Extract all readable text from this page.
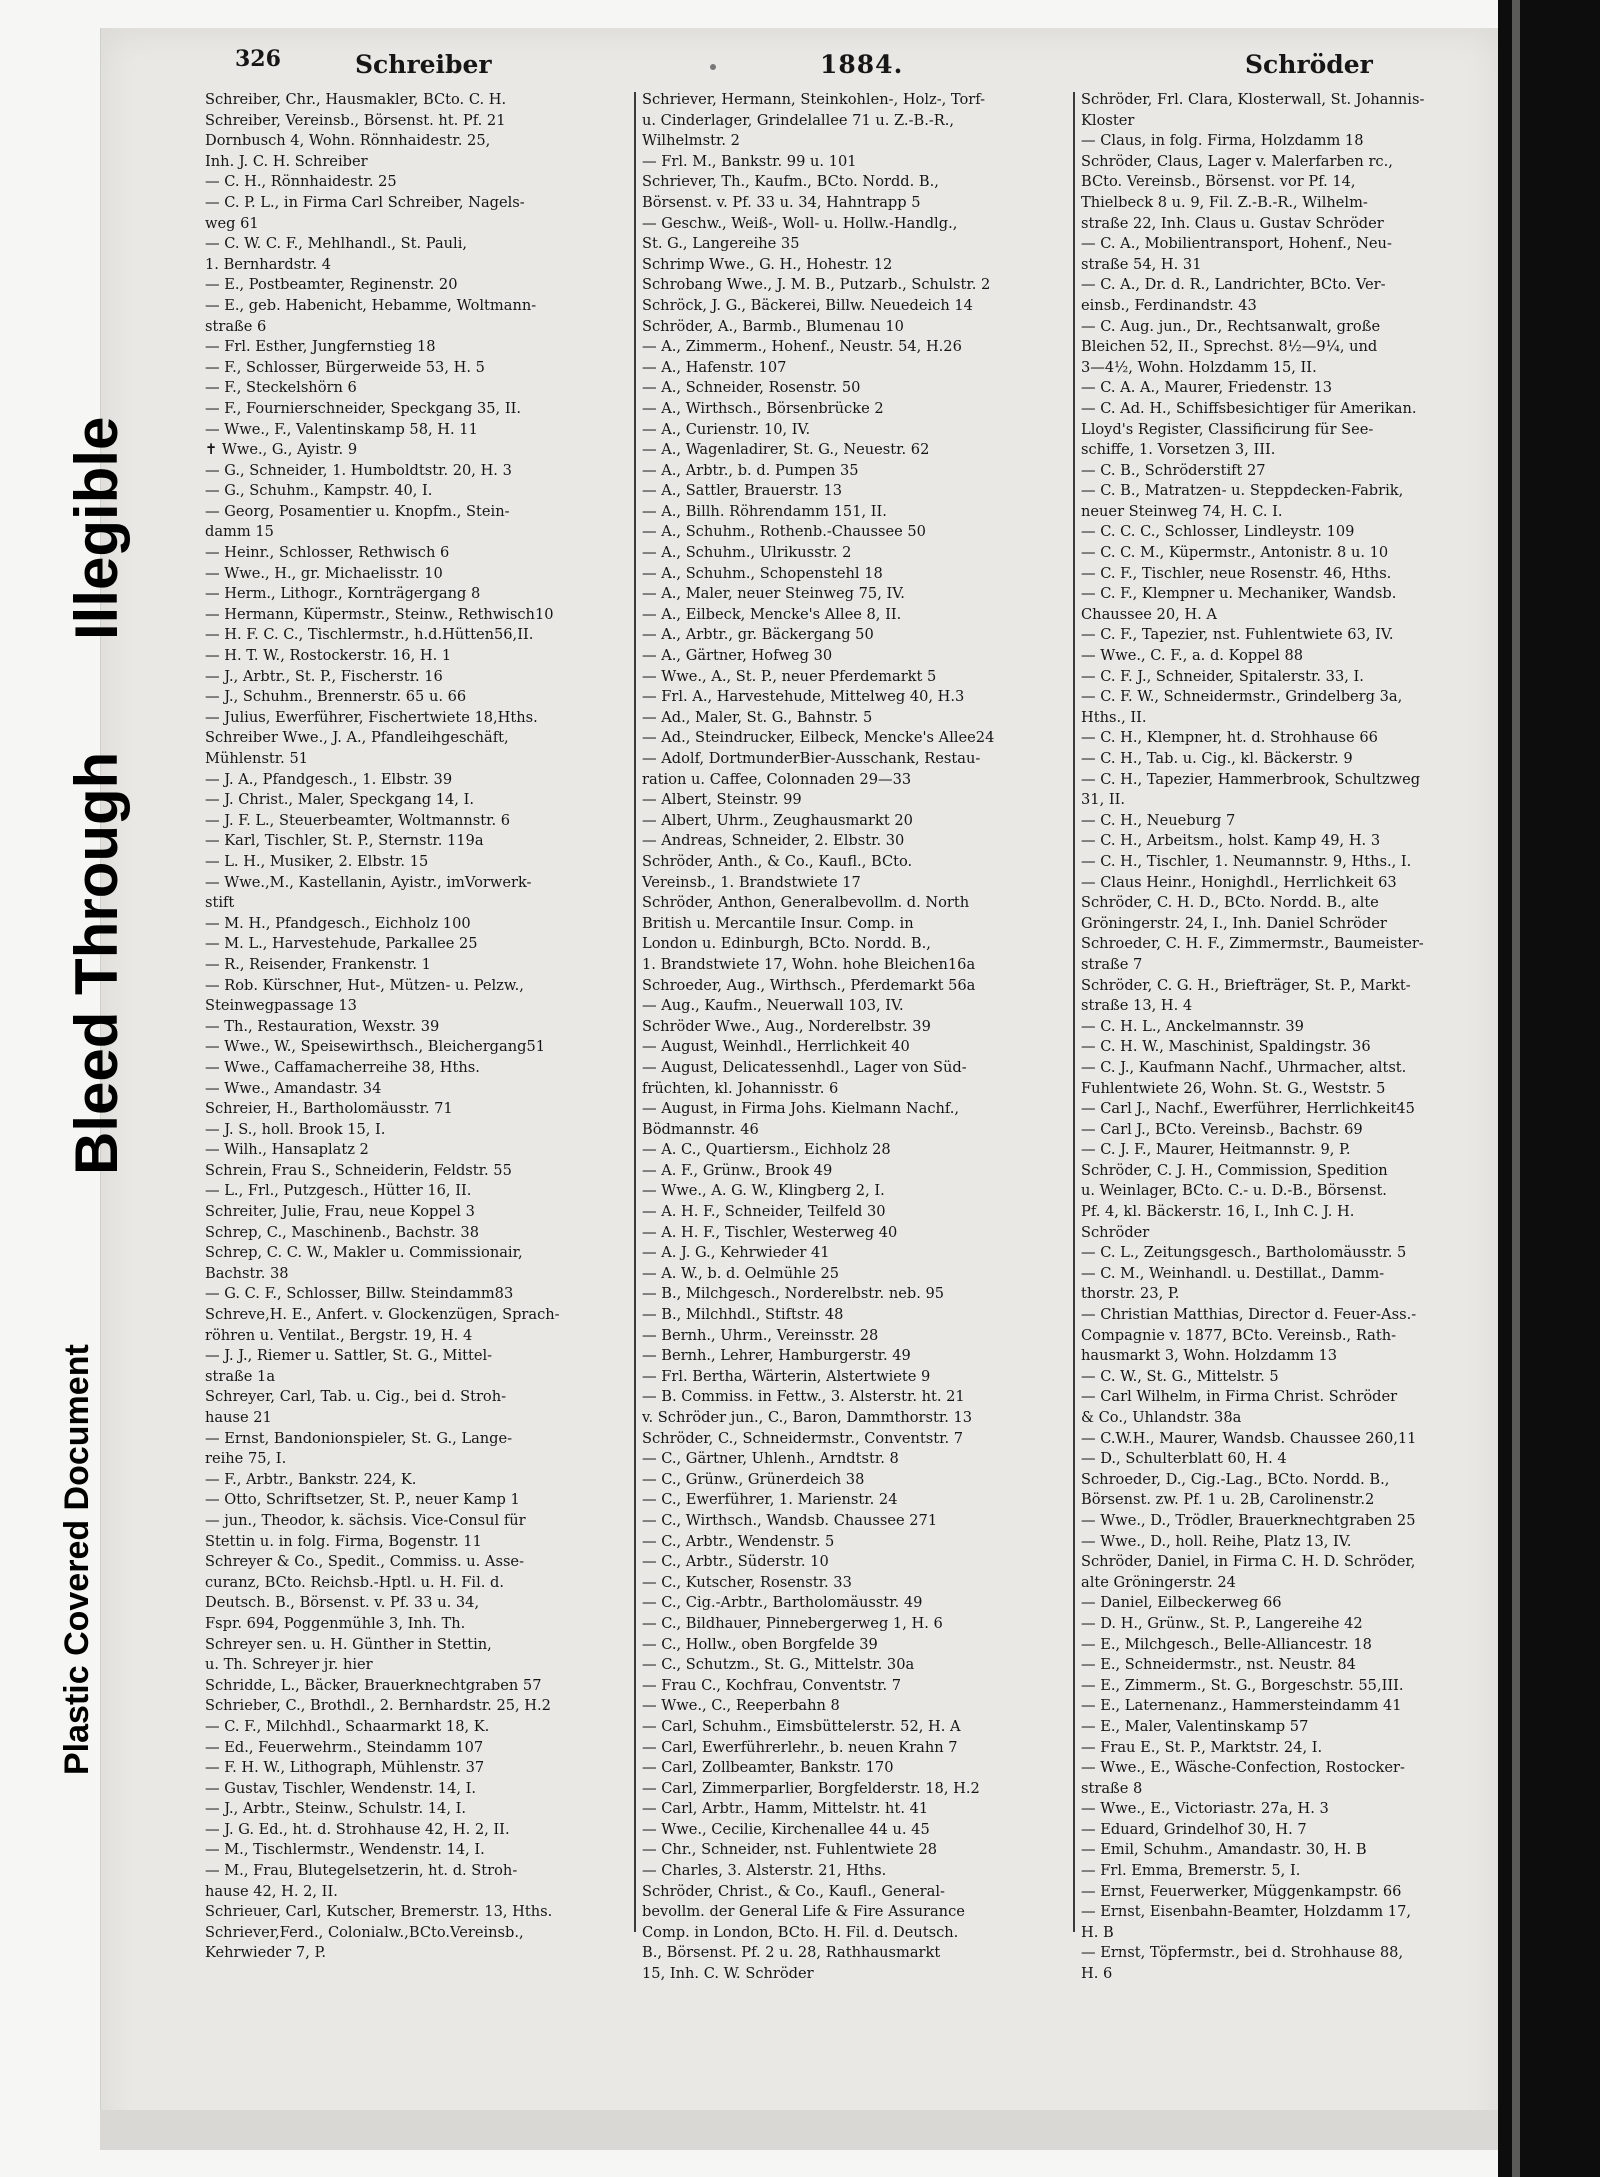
Bleed Through
Illegible
Plastic Covered Document
326	Schreiber	1884.	Schröder
Schreiber, Chr., Hausmakler, BCto. C. H.
Schreiber, Vereinsb., Börsenst. ht. Pf. 21
Dornbusch 4, Wohn. Rönnhaidestr. 25,
Inh. J. C. H. Schreiber
— C. H., Rönnhaidestr. 25
— C. P. L., in Firma Carl Schreiber, Nagels-
weg 61
— C. W. C. F., Mehlhandl., St. Pauli,
1. Bernhardstr. 4
— E., Postbeamter, Reginenstr. 20
— E., geb. Habenicht, Hebamme, Woltmann-
straße 6
— Frl. Esther, Jungfernstieg 18
— F., Schlosser, Bürgerweide 53, H. 5
— F., Steckelshörn 6
— F., Fournierschneider, Speckgang 35, II.
— Wwe., F., Valentinskamp 58, H. 11
✝ Wwe., G., Ayistr. 9
— G., Schneider, 1. Humboldtstr. 20, H. 3
— G., Schuhm., Kampstr. 40, I.
— Georg, Posamentier u. Knopfm., Stein-
damm 15
— Heinr., Schlosser, Rethwisch 6
— Wwe., H., gr. Michaelisstr. 10
— Herm., Lithogr., Kornträgergang 8
— Hermann, Küpermstr., Steinw., Rethwisch10
— H. F. C. C., Tischlermstr., h.d.Hütten56,II.
— H. T. W., Rostockerstr. 16, H. 1
— J., Arbtr., St. P., Fischerstr. 16
— J., Schuhm., Brennerstr. 65 u. 66
— Julius, Ewerführer, Fischertwiete 18,Hths.
Schreiber Wwe., J. A., Pfandleihgeschäft,
Mühlenstr. 51
— J. A., Pfandgesch., 1. Elbstr. 39
— J. Christ., Maler, Speckgang 14, I.
— J. F. L., Steuerbeamter, Woltmannstr. 6
— Karl, Tischler, St. P., Sternstr. 119a
— L. H., Musiker, 2. Elbstr. 15
— Wwe.,M., Kastellanin, Ayistr., imVorwerk-
stift
— M. H., Pfandgesch., Eichholz 100
— M. L., Harvestehude, Parkallee 25
— R., Reisender, Frankenstr. 1
— Rob. Kürschner, Hut-, Mützen- u. Pelzw.,
Steinwegpassage 13
— Th., Restauration, Wexstr. 39
— Wwe., W., Speisewirthsch., Bleichergang51
— Wwe., Caffamacherreihe 38, Hths.
— Wwe., Amandastr. 34
Schreier, H., Bartholomäusstr. 71
— J. S., holl. Brook 15, I.
— Wilh., Hansaplatz 2
Schrein, Frau S., Schneiderin, Feldstr. 55
— L., Frl., Putzgesch., Hütter 16, II.
Schreiter, Julie, Frau, neue Koppel 3
Schrep, C., Maschinenb., Bachstr. 38
Schrep, C. C. W., Makler u. Commissionair,
Bachstr. 38
— G. C. F., Schlosser, Billw. Steindamm83
Schreve,H. E., Anfert. v. Glockenzügen, Sprach-
röhren u. Ventilat., Bergstr. 19, H. 4
— J. J., Riemer u. Sattler, St. G., Mittel-
straße 1a
Schreyer, Carl, Tab. u. Cig., bei d. Stroh-
hause 21
— Ernst, Bandonionspieler, St. G., Lange-
reihe 75, I.
— F., Arbtr., Bankstr. 224, K.
— Otto, Schriftsetzer, St. P., neuer Kamp 1
— jun., Theodor, k. sächsis. Vice-Consul für
Stettin u. in folg. Firma, Bogenstr. 11
Schreyer & Co., Spedit., Commiss. u. Asse-
curanz, BCto. Reichsb.-Hptl. u. H. Fil. d.
Deutsch. B., Börsenst. v. Pf. 33 u. 34,
Fspr. 694, Poggenmühle 3, Inh. Th.
Schreyer sen. u. H. Günther in Stettin,
u. Th. Schreyer jr. hier
Schridde, L., Bäcker, Brauerknechtgraben 57
Schrieber, C., Brothdl., 2. Bernhardstr. 25, H.2
— C. F., Milchhdl., Schaarmarkt 18, K.
— Ed., Feuerwehrm., Steindamm 107
— F. H. W., Lithograph, Mühlenstr. 37
— Gustav, Tischler, Wendenstr. 14, I.
— J., Arbtr., Steinw., Schulstr. 14, I.
— J. G. Ed., ht. d. Strohhause 42, H. 2, II.
— M., Tischlermstr., Wendenstr. 14, I.
— M., Frau, Blutegelsetzerin, ht. d. Stroh-
hause 42, H. 2, II.
Schrieuer, Carl, Kutscher, Bremerstr. 13, Hths.
Schriever,Ferd., Colonialw.,BCto.Vereinsb.,
Kehrwieder 7, P.
Schriever, Hermann, Steinkohlen-, Holz-, Torf-
u. Cinderlager, Grindelallee 71 u. Z.-B.-R.,
Wilhelmstr. 2
— Frl. M., Bankstr. 99 u. 101
Schriever, Th., Kaufm., BCto. Nordd. B.,
Börsenst. v. Pf. 33 u. 34, Hahntrapp 5
— Geschw., Weiß-, Woll- u. Hollw.-Handlg.,
St. G., Langereihe 35
Schrimp Wwe., G. H., Hohestr. 12
Schrobang Wwe., J. M. B., Putzarb., Schulstr. 2
Schröck, J. G., Bäckerei, Billw. Neuedeich 14
Schröder, A., Barmb., Blumenau 10
— A., Zimmerm., Hohenf., Neustr. 54, H.26
— A., Hafenstr. 107
— A., Schneider, Rosenstr. 50
— A., Wirthsch., Börsenbrücke 2
— A., Curienstr. 10, IV.
— A., Wagenladirer, St. G., Neuestr. 62
— A., Arbtr., b. d. Pumpen 35
— A., Sattler, Brauerstr. 13
— A., Billh. Röhrendamm 151, II.
— A., Schuhm., Rothenb.-Chaussee 50
— A., Schuhm., Ulrikusstr. 2
— A., Schuhm., Schopenstehl 18
— A., Maler, neuer Steinweg 75, IV.
— A., Eilbeck, Mencke's Allee 8, II.
— A., Arbtr., gr. Bäckergang 50
— A., Gärtner, Hofweg 30
— Wwe., A., St. P., neuer Pferdemarkt 5
— Frl. A., Harvestehude, Mittelweg 40, H.3
— Ad., Maler, St. G., Bahnstr. 5
— Ad., Steindrucker, Eilbeck, Mencke's Allee24
— Adolf, DortmunderBier-Ausschank, Restau-
ration u. Caffee, Colonnaden 29—33
— Albert, Steinstr. 99
— Albert, Uhrm., Zeughausmarkt 20
— Andreas, Schneider, 2. Elbstr. 30
Schröder, Anth., & Co., Kaufl., BCto.
Vereinsb., 1. Brandstwiete 17
Schröder, Anthon, Generalbevollm. d. North
British u. Mercantile Insur. Comp. in
London u. Edinburgh, BCto. Nordd. B.,
1. Brandstwiete 17, Wohn. hohe Bleichen16a
Schroeder, Aug., Wirthsch., Pferdemarkt 56a
— Aug., Kaufm., Neuerwall 103, IV.
Schröder Wwe., Aug., Norderelbstr. 39
— August, Weinhdl., Herrlichkeit 40
— August, Delicatessenhdl., Lager von Süd-
früchten, kl. Johannisstr. 6
— August, in Firma Johs. Kielmann Nachf.,
Bödmannstr. 46
— A. C., Quartiersm., Eichholz 28
— A. F., Grünw., Brook 49
— Wwe., A. G. W., Klingberg 2, I.
— A. H. F., Schneider, Teilfeld 30
— A. H. F., Tischler, Westerweg 40
— A. J. G., Kehrwieder 41
— A. W., b. d. Oelmühle 25
— B., Milchgesch., Norderelbstr. neb. 95
— B., Milchhdl., Stiftstr. 48
— Bernh., Uhrm., Vereinsstr. 28
— Bernh., Lehrer, Hamburgerstr. 49
— Frl. Bertha, Wärterin, Alstertwiete 9
— B. Commiss. in Fettw., 3. Alsterstr. ht. 21
v. Schröder jun., C., Baron, Dammthorstr. 13
Schröder, C., Schneidermstr., Conventstr. 7
— C., Gärtner, Uhlenh., Arndtstr. 8
— C., Grünw., Grünerdeich 38
— C., Ewerführer, 1. Marienstr. 24
— C., Wirthsch., Wandsb. Chaussee 271
— C., Arbtr., Wendenstr. 5
— C., Arbtr., Süderstr. 10
— C., Kutscher, Rosenstr. 33
— C., Cig.-Arbtr., Bartholomäusstr. 49
— C., Bildhauer, Pinnebergerweg 1, H. 6
— C., Hollw., oben Borgfelde 39
— C., Schutzm., St. G., Mittelstr. 30a
— Frau C., Kochfrau, Conventstr. 7
— Wwe., C., Reeperbahn 8
— Carl, Schuhm., Eimsbüttelerstr. 52, H. A
— Carl, Ewerführerlehr., b. neuen Krahn 7
— Carl, Zollbeamter, Bankstr. 170
— Carl, Zimmerparlier, Borgfelderstr. 18, H.2
— Carl, Arbtr., Hamm, Mittelstr. ht. 41
— Wwe., Cecilie, Kirchenallee 44 u. 45
— Chr., Schneider, nst. Fuhlentwiete 28
— Charles, 3. Alsterstr. 21, Hths.
Schröder, Christ., & Co., Kaufl., General-
bevollm. der General Life & Fire Assurance
Comp. in London, BCto. H. Fil. d. Deutsch.
B., Börsenst. Pf. 2 u. 28, Rathhausmarkt
15, Inh. C. W. Schröder
Schröder, Frl. Clara, Klosterwall, St. Johannis-
Kloster
— Claus, in folg. Firma, Holzdamm 18
Schröder, Claus, Lager v. Malerfarben rc.,
BCto. Vereinsb., Börsenst. vor Pf. 14,
Thielbeck 8 u. 9, Fil. Z.-B.-R., Wilhelm-
straße 22, Inh. Claus u. Gustav Schröder
— C. A., Mobilientransport, Hohenf., Neu-
straße 54, H. 31
— C. A., Dr. d. R., Landrichter, BCto. Ver-
einsb., Ferdinandstr. 43
— C. Aug. jun., Dr., Rechtsanwalt, große
Bleichen 52, II., Sprechst. 8½—9¼, und
3—4½, Wohn. Holzdamm 15, II.
— C. A. A., Maurer, Friedenstr. 13
— C. Ad. H., Schiffsbesichtiger für Amerikan.
Lloyd's Register, Classificirung für See-
schiffe, 1. Vorsetzen 3, III.
— C. B., Schröderstift 27
— C. B., Matratzen- u. Steppdecken-Fabrik,
neuer Steinweg 74, H. C. I.
— C. C. C., Schlosser, Lindleystr. 109
— C. C. M., Küpermstr., Antonistr. 8 u. 10
— C. F., Tischler, neue Rosenstr. 46, Hths.
— C. F., Klempner u. Mechaniker, Wandsb.
Chaussee 20, H. A
— C. F., Tapezier, nst. Fuhlentwiete 63, IV.
— Wwe., C. F., a. d. Koppel 88
— C. F. J., Schneider, Spitalerstr. 33, I.
— C. F. W., Schneidermstr., Grindelberg 3a,
Hths., II.
— C. H., Klempner, ht. d. Strohhause 66
— C. H., Tab. u. Cig., kl. Bäckerstr. 9
— C. H., Tapezier, Hammerbrook, Schultzweg
31, II.
— C. H., Neueburg 7
— C. H., Arbeitsm., holst. Kamp 49, H. 3
— C. H., Tischler, 1. Neumannstr. 9, Hths., I.
— Claus Heinr., Honighdl., Herrlichkeit 63
Schröder, C. H. D., BCto. Nordd. B., alte
Gröningerstr. 24, I., Inh. Daniel Schröder
Schroeder, C. H. F., Zimmermstr., Baumeister-
straße 7
Schröder, C. G. H., Briefträger, St. P., Markt-
straße 13, H. 4
— C. H. L., Anckelmannstr. 39
— C. H. W., Maschinist, Spaldingstr. 36
— C. J., Kaufmann Nachf., Uhrmacher, altst.
Fuhlentwiete 26, Wohn. St. G., Weststr. 5
— Carl J., Nachf., Ewerführer, Herrlichkeit45
— Carl J., BCto. Vereinsb., Bachstr. 69
— C. J. F., Maurer, Heitmannstr. 9, P.
Schröder, C. J. H., Commission, Spedition
u. Weinlager, BCto. C.- u. D.-B., Börsenst.
Pf. 4, kl. Bäckerstr. 16, I., Inh C. J. H.
Schröder
— C. L., Zeitungsgesch., Bartholomäusstr. 5
— C. M., Weinhandl. u. Destillat., Damm-
thorstr. 23, P.
— Christian Matthias, Director d. Feuer-Ass.-
Compagnie v. 1877, BCto. Vereinsb., Rath-
hausmarkt 3, Wohn. Holzdamm 13
— C. W., St. G., Mittelstr. 5
— Carl Wilhelm, in Firma Christ. Schröder
& Co., Uhlandstr. 38a
— C.W.H., Maurer, Wandsb. Chaussee 260,11
— D., Schulterblatt 60, H. 4
Schroeder, D., Cig.-Lag., BCto. Nordd. B.,
Börsenst. zw. Pf. 1 u. 2B, Carolinenstr.2
— Wwe., D., Trödler, Brauerknechtgraben 25
— Wwe., D., holl. Reihe, Platz 13, IV.
Schröder, Daniel, in Firma C. H. D. Schröder,
alte Gröningerstr. 24
— Daniel, Eilbeckerweg 66
— D. H., Grünw., St. P., Langereihe 42
— E., Milchgesch., Belle-Alliancestr. 18
— E., Schneidermstr., nst. Neustr. 84
— E., Zimmerm., St. G., Borgeschstr. 55,III.
— E., Laternenanz., Hammersteindamm 41
— E., Maler, Valentinskamp 57
— Frau E., St. P., Marktstr. 24, I.
— Wwe., E., Wäsche-Confection, Rostocker-
straße 8
— Wwe., E., Victoriastr. 27a, H. 3
— Eduard, Grindelhof 30, H. 7
— Emil, Schuhm., Amandastr. 30, H. B
— Frl. Emma, Bremerstr. 5, I.
— Ernst, Feuerwerker, Müggenkampstr. 66
— Ernst, Eisenbahn-Beamter, Holzdamm 17,
H. B
— Ernst, Töpfermstr., bei d. Strohhause 88,
H. 6
